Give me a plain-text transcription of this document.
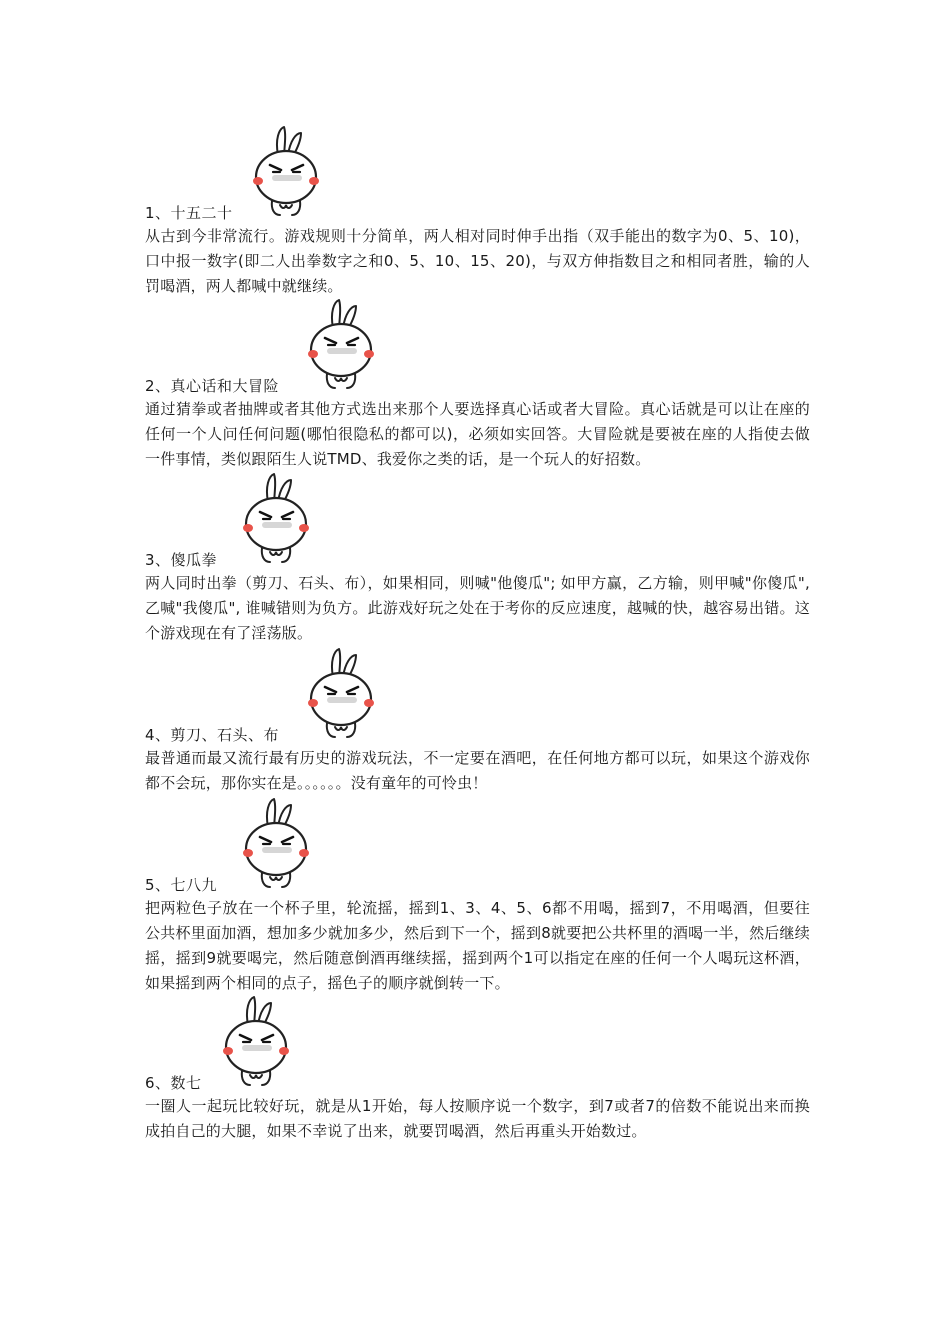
1、十五二十
从古到今非常流行。游戏规则十分简单，两人相对同时伸手出指（双手能出的数字为0、5、10)，口中报一数字(即二人出拳数字之和0、5、10、15、20)，与双方伸指数目之和相同者胜，输的人罚喝酒，两人都喊中就继续。
2、真心话和大冒险
通过猜拳或者抽牌或者其他方式选出来那个人要选择真心话或者大冒险。真心话就是可以让在座的任何一个人问任何问题(哪怕很隐私的都可以)，必须如实回答。大冒险就是要被在座的人指使去做一件事情，类似跟陌生人说TMD、我爱你之类的话，是一个玩人的好招数。
3、傻瓜拳
两人同时出拳（剪刀、石头、布），如果相同，则喊"他傻瓜"; 如甲方赢，乙方输，则甲喊"你傻瓜", 乙喊"我傻瓜", 谁喊错则为负方。此游戏好玩之处在于考你的反应速度，越喊的快，越容易出错。这个游戏现在有了淫荡版。
4、剪刀、石头、布
最普通而最又流行最有历史的游戏玩法，不一定要在酒吧，在任何地方都可以玩，如果这个游戏你都不会玩，那你实在是。。。。。。没有童年的可怜虫！
5、七八九
把两粒色子放在一个杯子里，轮流摇，摇到1、3、4、5、6都不用喝，摇到7，不用喝酒，但要往公共杯里面加酒，想加多少就加多少，然后到下一个，摇到8就要把公共杯里的酒喝一半，然后继续摇，摇到9就要喝完，然后随意倒酒再继续摇，摇到两个1可以指定在座的任何一个人喝玩这杯酒，如果摇到两个相同的点子，摇色子的顺序就倒转一下。
6、数七
一圈人一起玩比较好玩，就是从1开始，每人按顺序说一个数字，到7或者7的倍数不能说出来而换成拍自己的大腿，如果不幸说了出来，就要罚喝酒，然后再重头开始数过。
